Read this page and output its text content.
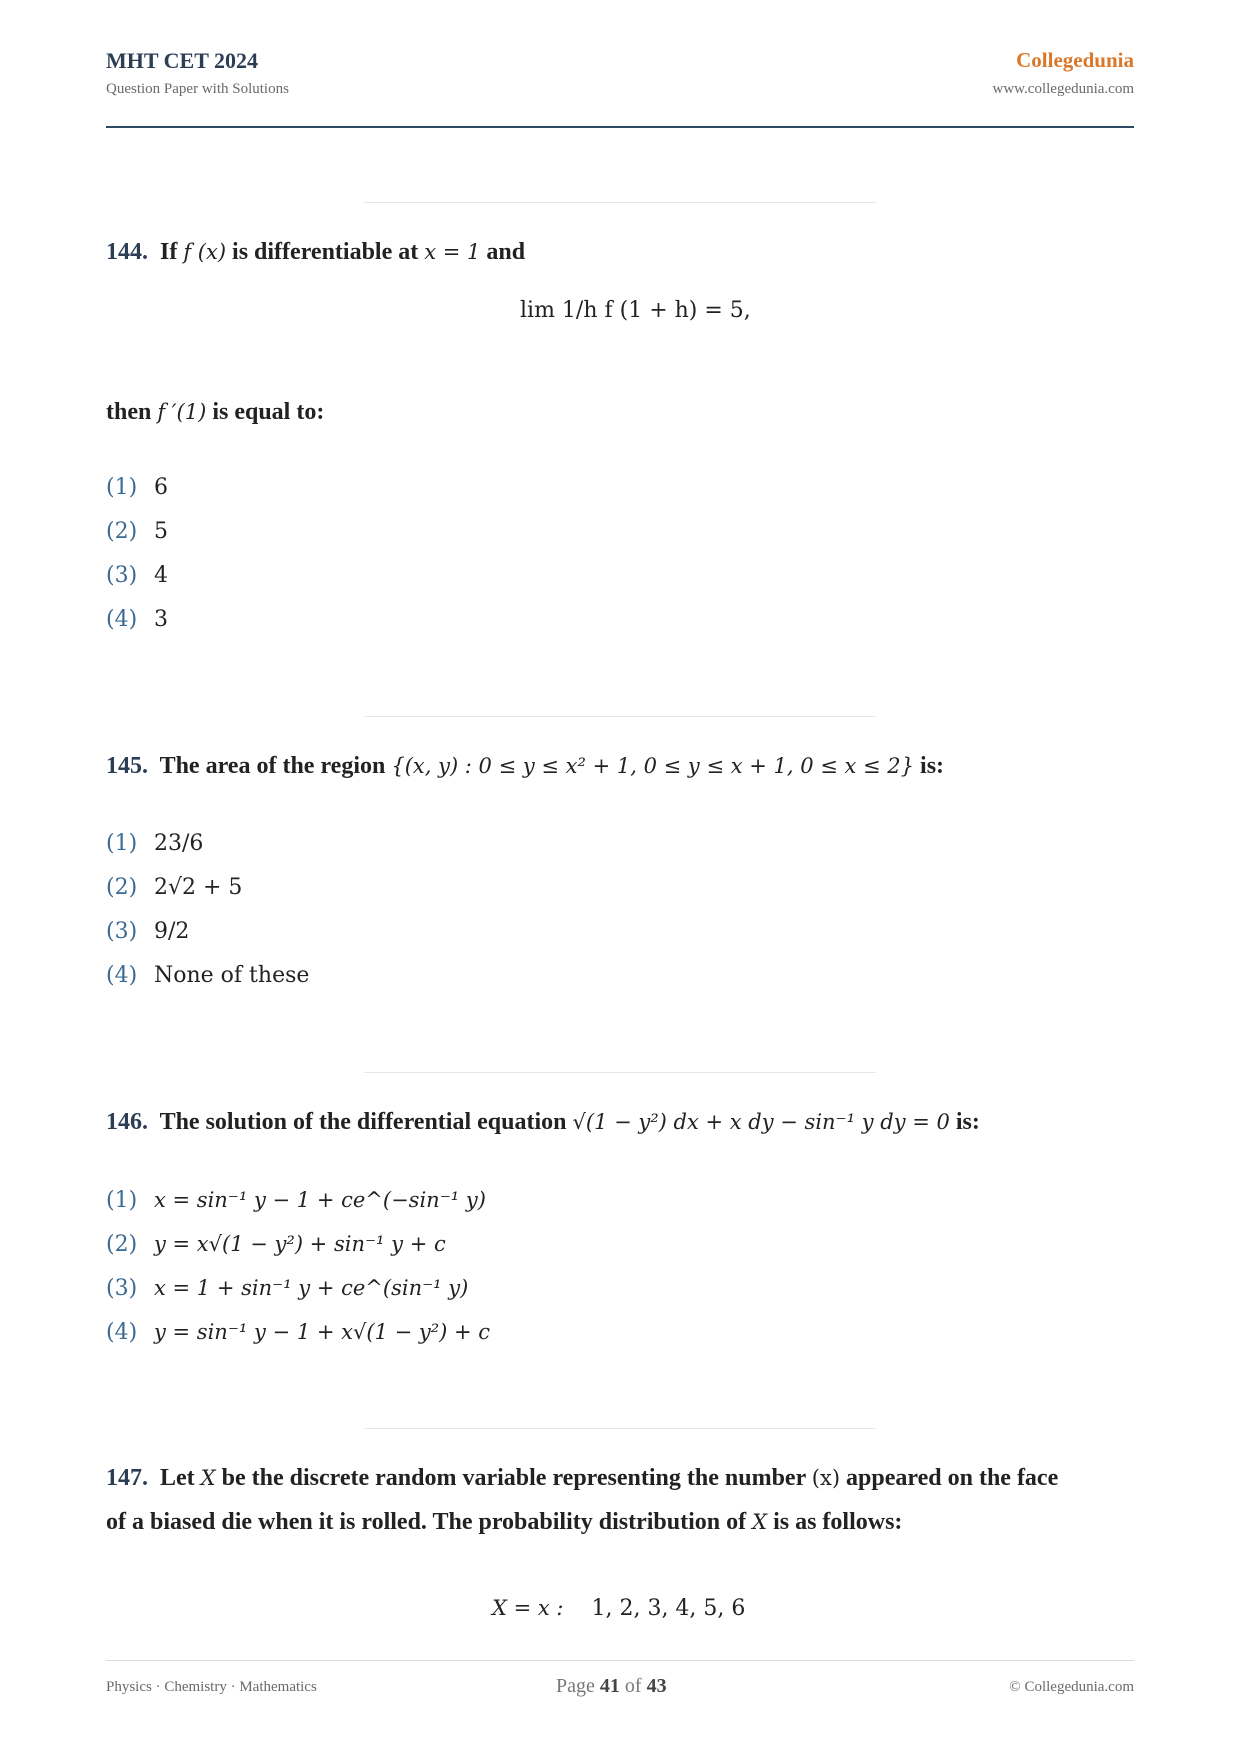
MHT CET 2024
Question Paper with Solutions
Collegedunia
www.collegedunia.com
144. If f (x) is differentiable at x = 1 and
lim 1/h f (1 + h) = 5,
then f ′(1) is equal to:
(1) 6
(2) 5
(3) 4
(4) 3
145. The area of the region {(x, y) : 0 ≤ y ≤ x² + 1, 0 ≤ y ≤ x + 1, 0 ≤ x ≤ 2} is:
(1) 23/6
(2) 2√2 + 5
(3) 9/2
(4) None of these
146. The solution of the differential equation √(1 − y²) dx + x dy − sin⁻¹ y dy = 0 is:
(1) x = sin⁻¹ y − 1 + ce^(−sin⁻¹ y)
(2) y = x√(1 − y²) + sin⁻¹ y + c
(3) x = 1 + sin⁻¹ y + ce^(sin⁻¹ y)
(4) y = sin⁻¹ y − 1 + x√(1 − y²) + c
147. Let X be the discrete random variable representing the number (x) appeared on the face
of a biased die when it is rolled. The probability distribution of X is as follows:
X = x : 1, 2, 3, 4, 5, 6
Physics · Chemistry · Mathematics	Page 41 of 43	© Collegedunia.com
